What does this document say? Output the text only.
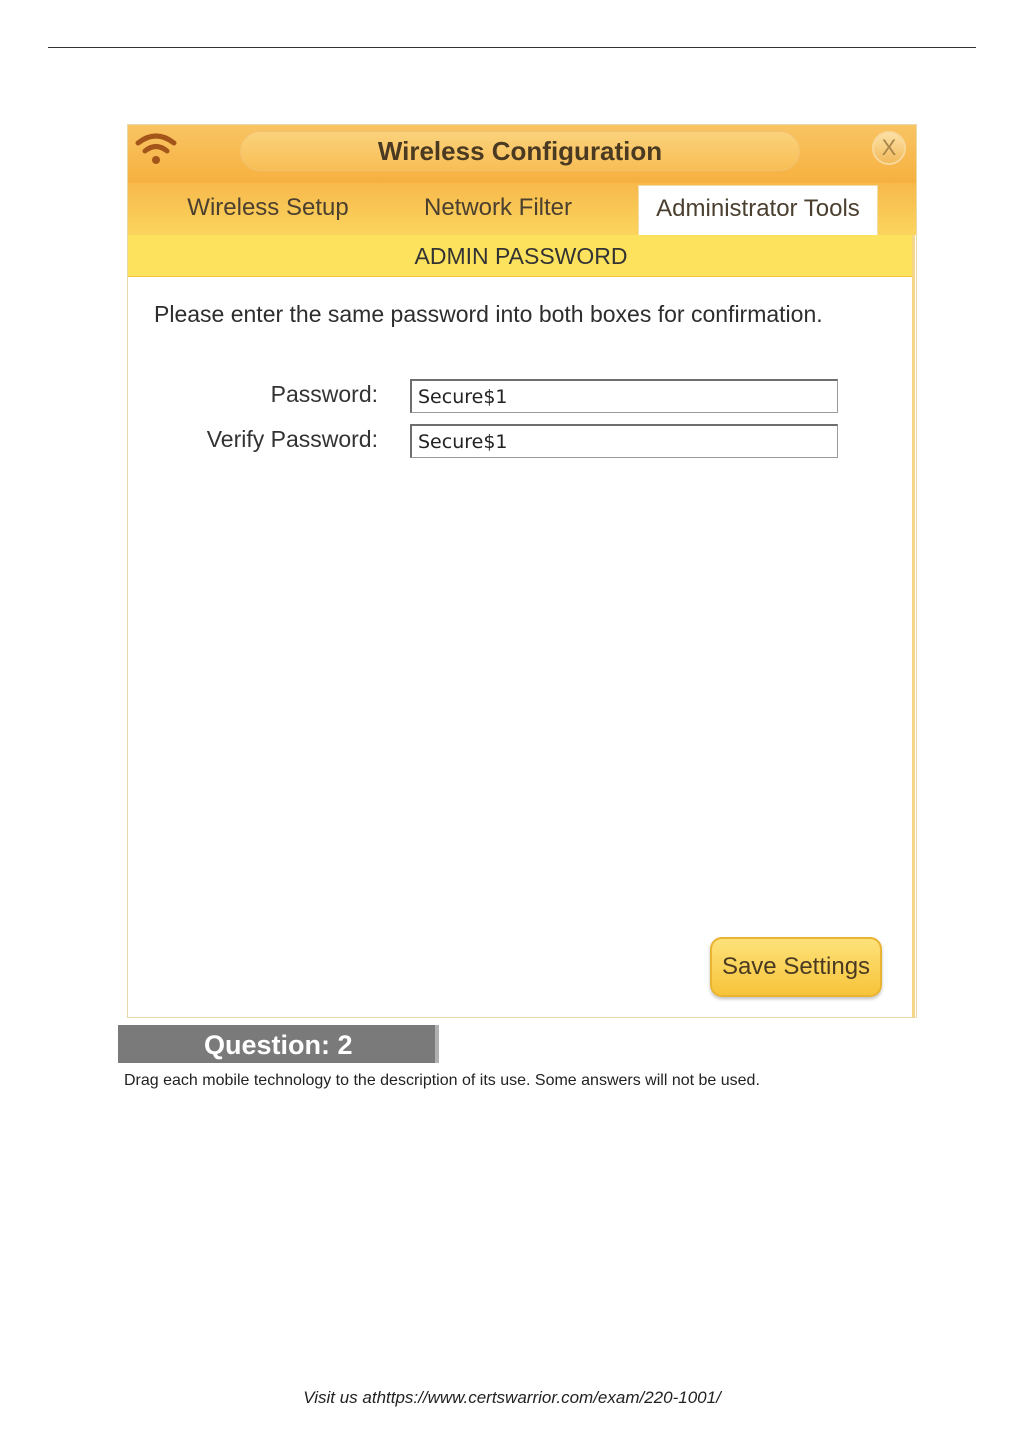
Wireless Configuration	X
Wireless Setup	Network Filter	Administrator Tools
ADMIN PASSWORD
Please enter the same password into both boxes for confirmation.
Password:	Secure$1
Verify Password:	Secure$1
Save Settings
Question: 2
Drag each mobile technology to the description of its use. Some answers will not be used.
Visit us athttps://www.certswarrior.com/exam/220-1001/
